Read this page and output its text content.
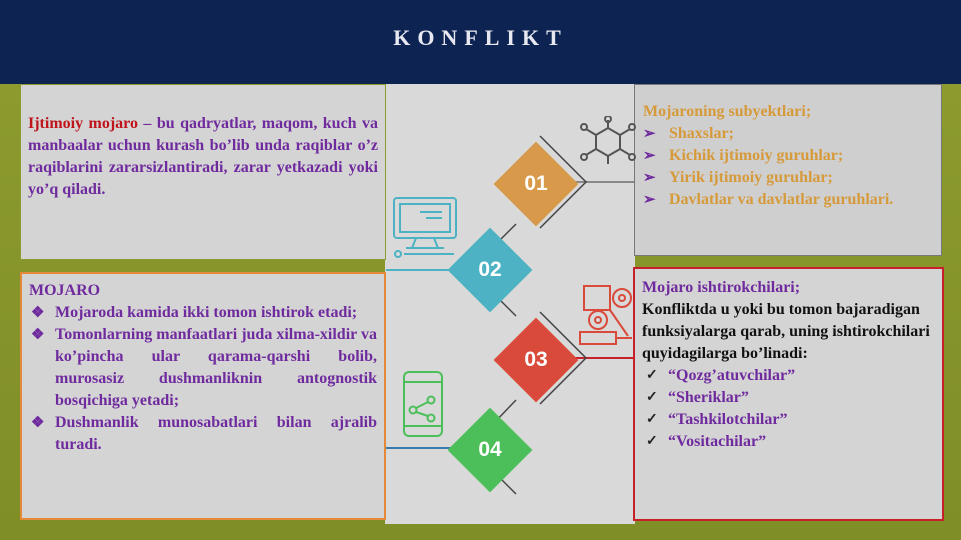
KONFLIKT
Ijtimoiy mojaro – bu qadryatlar, maqom, kuch va manbaalar uchun kurash bo’lib unda raqiblar o’z raqiblarini zararsizlantiradi, zarar yetkazadi yoki yo’q qiladi.
MOJARO
❖ Mojaroda kamida ikki tomon ishtirok etadi;
❖ Tomonlarning manfaatlari juda xilma-xildir va ko’pincha ular qarama-qarshi bolib, murosasiz dushmanliknin antognostik bosqichiga yetadi;
❖ Dushmanlik munosabatlari bilan ajralib turadi.
Mojaroning subyektlari;
➢ Shaxslar;
➢ Kichik ijtimoiy guruhlar;
➢ Yirik ijtimoiy guruhlar;
➢ Davlatlar va davlatlar guruhlari.
Mojaro ishtirokchilari;
Konfliktda u yoki bu tomon bajaradigan funksiyalarga qarab, uning ishtirokchilari quyidagilarga bo’linadi:
✓ “Qozg’atuvchilar”
✓ “Sheriklar”
✓ “Tashkilotchilar”
✓ “Vositachilar”
01
02
03
04
